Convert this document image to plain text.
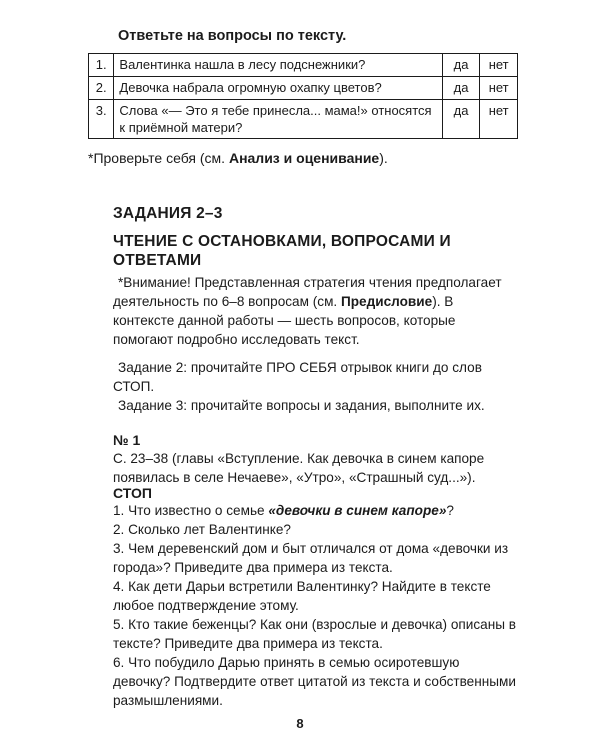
Ответьте на вопросы по тексту.

1.	Валентинка нашла в лесу подснежники?	да	нет
2.	Девочка набрала огромную охапку цветов?	да	нет
3.	Слова «— Это я тебе принесла... мама!» относятся к приёмной матери?	да	нет

*Проверьте себя (см. Анализ и оценивание).

ЗАДАНИЯ 2–3
ЧТЕНИЕ С ОСТАНОВКАМИ, ВОПРОСАМИ И ОТВЕТАМИ

*Внимание! Представленная стратегия чтения предполагает деятельность по 6–8 вопросам (см. Предисловие). В контексте данной работы — шесть вопросов, которые помогают подробно исследовать текст.

Задание 2: прочитайте ПРО СЕБЯ отрывок книги до слов СТОП.

Задание 3: прочитайте вопросы и задания, выполните их.

№ 1

С. 23–38 (главы «Вступление. Как девочка в синем капоре появилась в селе Нечаеве», «Утро», «Страшный суд...»).

СТОП

1. Что известно о семье «девочки в синем капоре»?
2. Сколько лет Валентинке?
3. Чем деревенский дом и быт отличался от дома «девочки из города»? Приведите два примера из текста.
4. Как дети Дарьи встретили Валентинку? Найдите в тексте любое подтверждение этому.
5. Кто такие беженцы? Как они (взрослые и девочка) описаны в тексте? Приведите два примера из текста.
6. Что побудило Дарью принять в семью осиротевшую девочку? Подтвердите ответ цитатой из текста и собственными размышлениями.

8
